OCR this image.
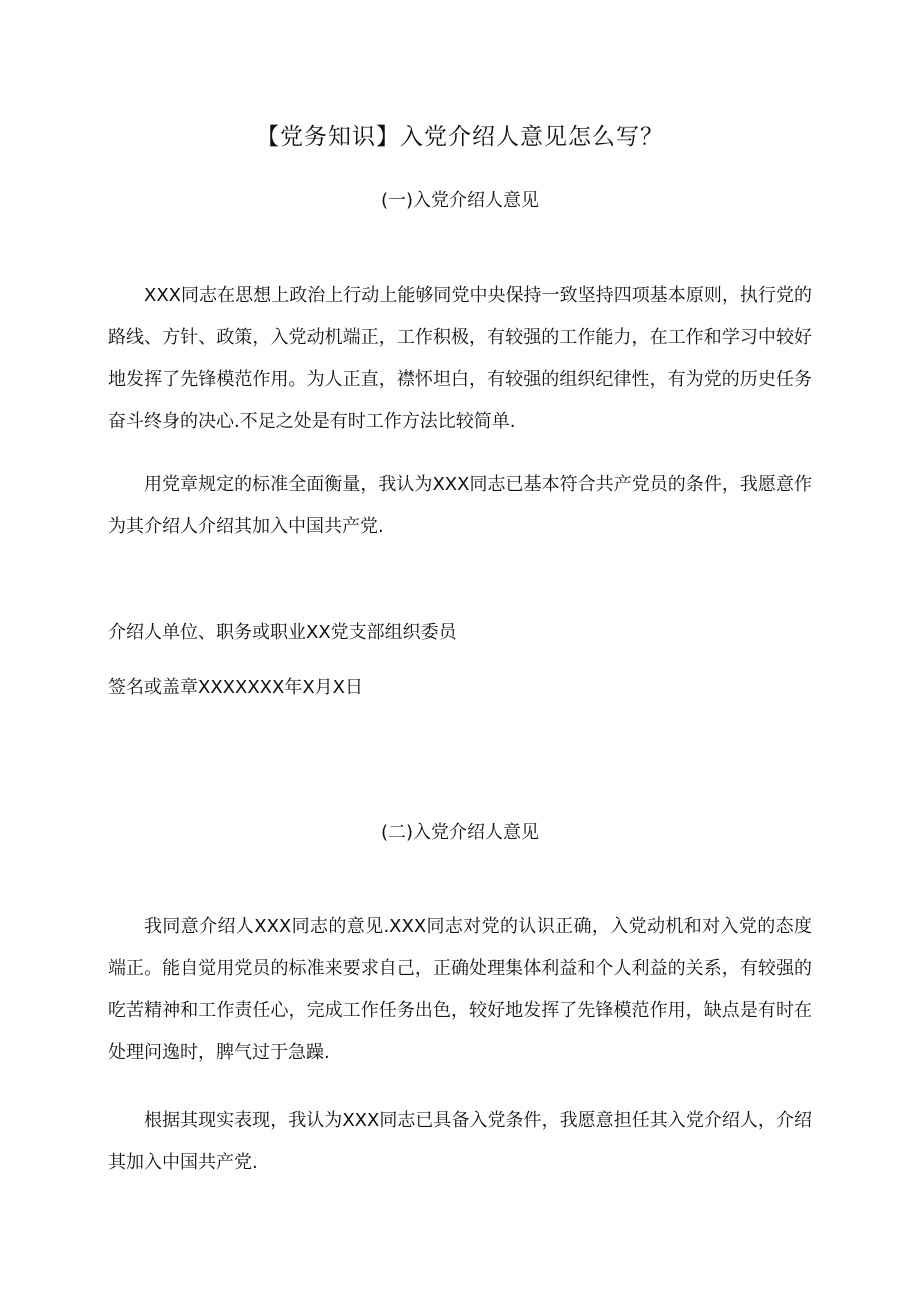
【党务知识】入党介绍人意见怎么写？
(一)入党介绍人意见

XXX同志在思想上政治上行动上能够同党中央保持一致坚持四项基本原则，执行党的路线、方针、政策，入党动机端正，工作积极，有较强的工作能力，在工作和学习中较好地发挥了先锋模范作用。为人正直，襟怀坦白，有较强的组织纪律性，有为党的历史任务奋斗终身的决心.不足之处是有时工作方法比较简单.

用党章规定的标准全面衡量，我认为XXX同志已基本符合共产党员的条件，我愿意作为其介绍人介绍其加入中国共产党.

介绍人单位、职务或职业XX党支部组织委员

签名或盖章XXXXXXX年X月X日

(二)入党介绍人意见

我同意介绍人XXX同志的意见.XXX同志对党的认识正确，入党动机和对入党的态度端正。能自觉用党员的标准来要求自己，正确处理集体利益和个人利益的关系，有较强的吃苦精神和工作责任心，完成工作任务出色，较好地发挥了先锋模范作用，缺点是有时在处理问逸时，脾气过于急躁.

根据其现实表现，我认为XXX同志已具备入党条件，我愿意担任其入党介绍人，介绍其加入中国共产党.
